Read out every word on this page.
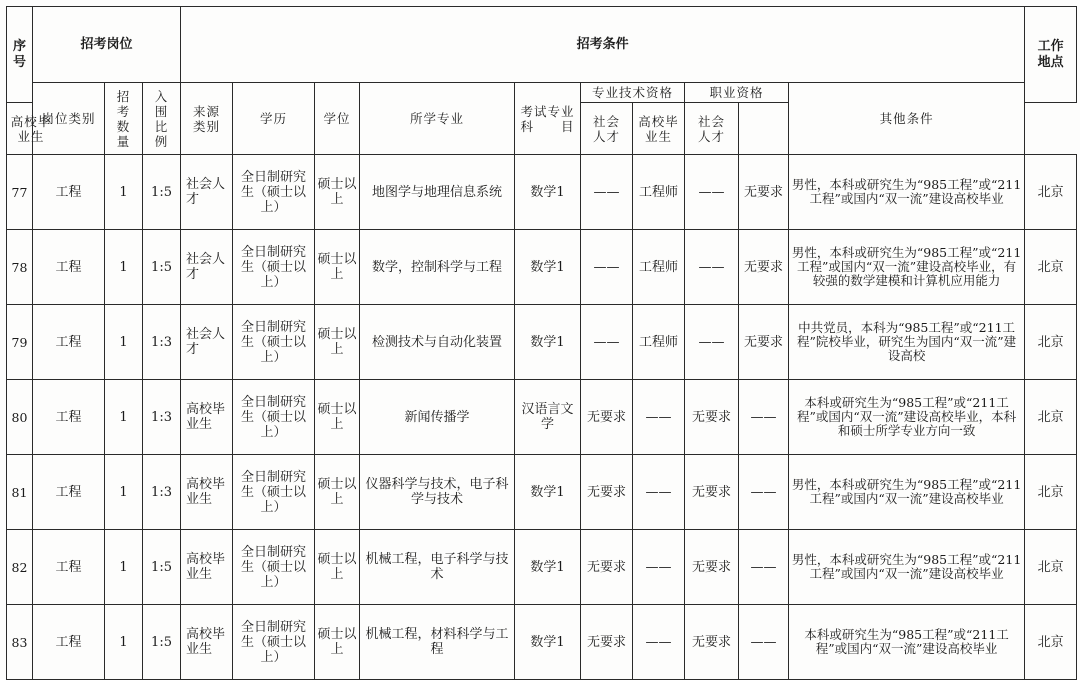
序号	招考岗位			招考条件										工作地点

	岗位类别	招考数量	入围比例	来源类别	学历	学位	所学专业	考试专业科　　目	专业技术资格		职业资格		其他条件	

高校毕业生									社会人才	高校毕业生	社会人才			

77	工程	1	1:5	社会人才	全日制研究生（硕士以上）	硕士以上	地图学与地理信息系统	数学1	——	工程师	——	无要求	男性，本科或研究生为“985工程”或“211工程”或国内“双一流”建设高校毕业	北京
78	工程	1	1:5	社会人才	全日制研究生（硕士以上）	硕士以上	数学，控制科学与工程	数学1	——	工程师	——	无要求	男性，本科或研究生为“985工程”或“211工程”或国内“双一流”建设高校毕业，有较强的数学建模和计算机应用能力	北京
79	工程	1	1:3	社会人才	全日制研究生（硕士以上）	硕士以上	检测技术与自动化装置	数学1	——	工程师	——	无要求	中共党员，本科为“985工程”或“211工程”院校毕业，研究生为国内“双一流”建设高校	北京
80	工程	1	1:3	高校毕业生	全日制研究生（硕士以上）	硕士以上	新闻传播学	汉语言文学	无要求	——	无要求	——	本科或研究生为“985工程”或“211工程”或国内“双一流”建设高校毕业，本科和硕士所学专业方向一致	北京
81	工程	1	1:3	高校毕业生	全日制研究生（硕士以上）	硕士以上	仪器科学与技术，电子科学与技术	数学1	无要求	——	无要求	——	男性，本科或研究生为“985工程”或“211工程”或国内“双一流”建设高校毕业	北京
82	工程	1	1:5	高校毕业生	全日制研究生（硕士以上）	硕士以上	机械工程，电子科学与技术	数学1	无要求	——	无要求	——	男性，本科或研究生为“985工程”或“211工程”或国内“双一流”建设高校毕业	北京
83	工程	1	1:5	高校毕业生	全日制研究生（硕士以上）	硕士以上	机械工程，材料科学与工程	数学1	无要求	——	无要求	——	本科或研究生为“985工程”或“211工程”或国内“双一流”建设高校毕业	北京
